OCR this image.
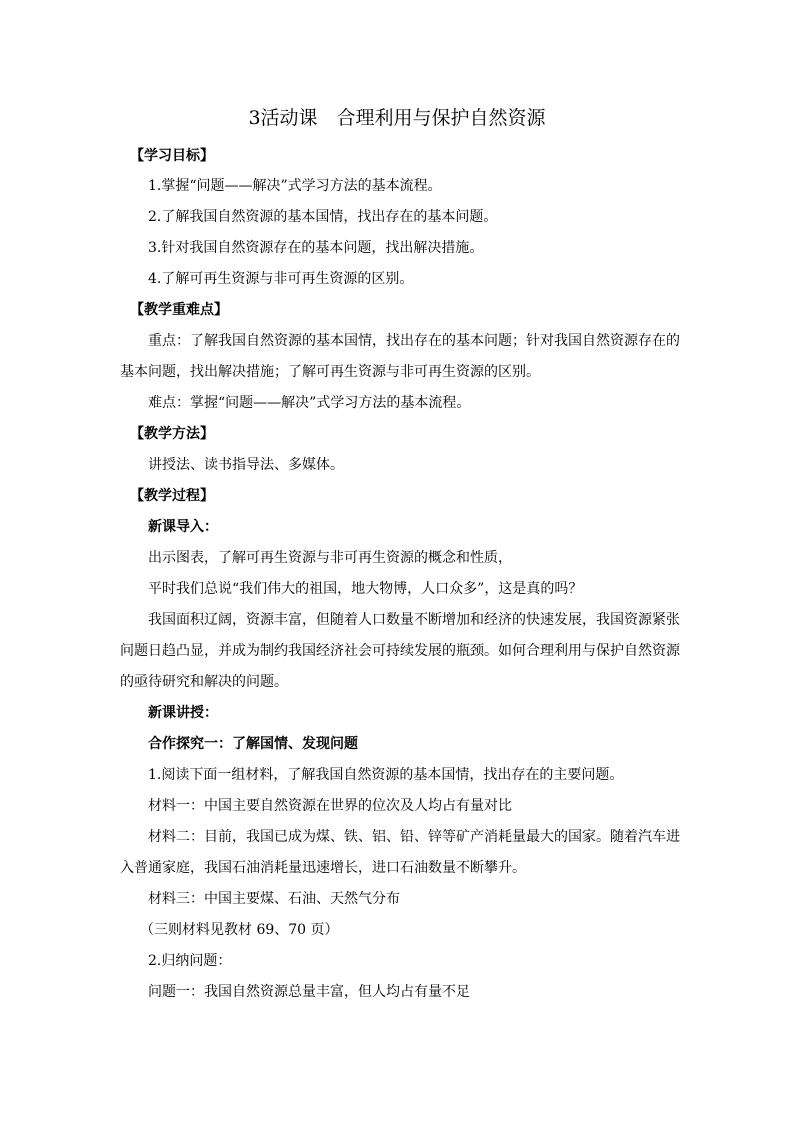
3活动课　合理利用与保护自然资源
【学习目标】
1.掌握“问题——解决”式学习方法的基本流程。
2.了解我国自然资源的基本国情，找出存在的基本问题。
3.针对我国自然资源存在的基本问题，找出解决措施。
4.了解可再生资源与非可再生资源的区别。
【教学重难点】
重点：了解我国自然资源的基本国情，找出存在的基本问题；针对我国自然资源存在的
基本问题，找出解决措施；了解可再生资源与非可再生资源的区别。
难点：掌握“问题——解决”式学习方法的基本流程。
【教学方法】
讲授法、读书指导法、多媒体。
【教学过程】
新课导入：
出示图表，了解可再生资源与非可再生资源的概念和性质，
平时我们总说“我们伟大的祖国，地大物博，人口众多”，这是真的吗？
我国面积辽阔，资源丰富，但随着人口数量不断增加和经济的快速发展，我国资源紧张
问题日趋凸显，并成为制约我国经济社会可持续发展的瓶颈。如何合理利用与保护自然资源
的亟待研究和解决的问题。
新课讲授：
合作探究一：了解国情、发现问题
1.阅读下面一组材料，了解我国自然资源的基本国情，找出存在的主要问题。
材料一：中国主要自然资源在世界的位次及人均占有量对比
材料二：目前，我国已成为煤、铁、铝、铅、锌等矿产消耗量最大的国家。随着汽车进
入普通家庭，我国石油消耗量迅速增长，进口石油数量不断攀升。
材料三：中国主要煤、石油、天然气分布
（三则材料见教材 69、70 页）
2.归纳问题：
问题一：我国自然资源总量丰富，但人均占有量不足
